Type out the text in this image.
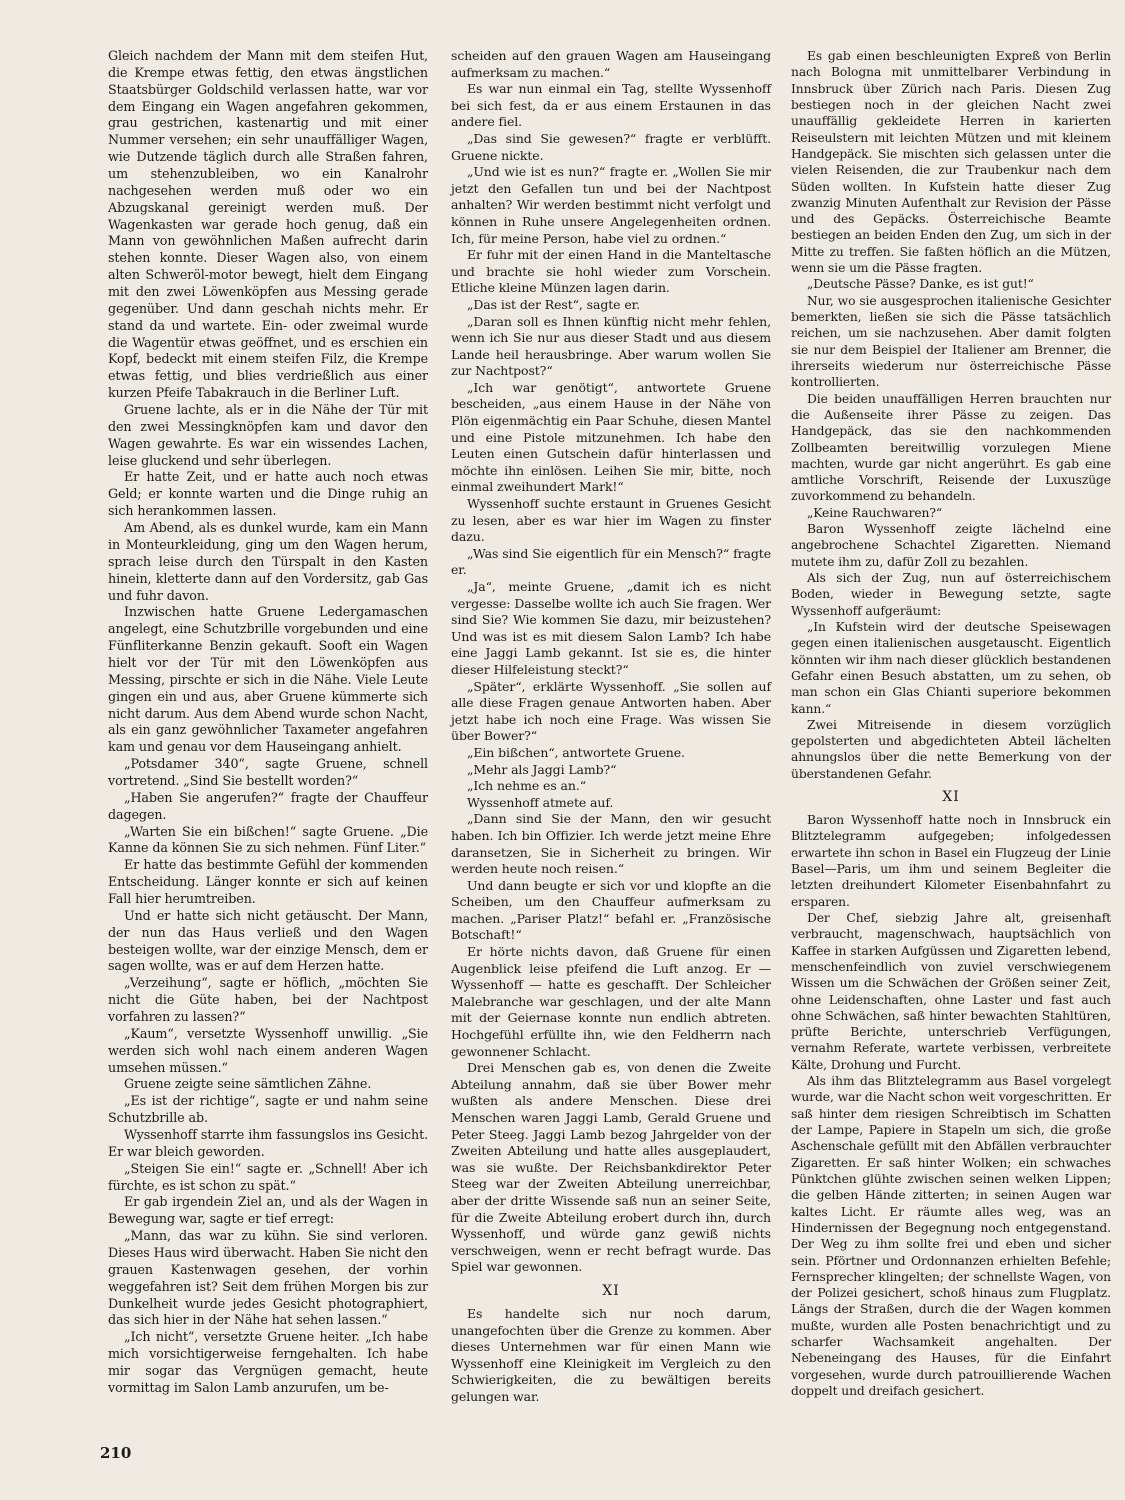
Gleich nachdem der Mann mit dem steifen Hut, die Krempe etwas fettig, den etwas ängstlichen Staatsbürger Goldschild verlassen hatte, war vor dem Eingang ein Wagen angefahren gekommen, grau gestrichen, kastenartig und mit einer Nummer versehen; ein sehr unauffälliger Wagen, wie Dutzende täglich durch alle Straßen fahren, um stehenzubleiben, wo ein Kanalrohr nachgesehen werden muß oder wo ein Abzugskanal gereinigt werden muß. Der Wagenkasten war gerade hoch genug, daß ein Mann von gewöhnlichen Maßen aufrecht darin stehen konnte. Dieser Wagen also, von einem alten Schweröl-motor bewegt, hielt dem Eingang mit den zwei Löwenköpfen aus Messing gerade gegenüber. Und dann geschah nichts mehr. Er stand da und wartete. Ein- oder zweimal wurde die Wagentür etwas geöffnet, und es erschien ein Kopf, bedeckt mit einem steifen Filz, die Krempe etwas fettig, und blies verdrießlich aus einer kurzen Pfeife Tabakrauch in die Berliner Luft.

Gruene lachte, als er in die Nähe der Tür mit den zwei Messingknöpfen kam und davor den Wagen gewahrte. Es war ein wissendes Lachen, leise gluckend und sehr überlegen.

Er hatte Zeit, und er hatte auch noch etwas Geld; er konnte warten und die Dinge ruhig an sich herankommen lassen.

Am Abend, als es dunkel wurde, kam ein Mann in Monteurkleidung, ging um den Wagen herum, sprach leise durch den Türspalt in den Kasten hinein, kletterte dann auf den Vordersitz, gab Gas und fuhr davon.

Inzwischen hatte Gruene Ledergamaschen angelegt, eine Schutzbrille vorgebunden und eine Fünfliterkanne Benzin gekauft. Sooft ein Wagen hielt vor der Tür mit den Löwenköpfen aus Messing, pirschte er sich in die Nähe. Viele Leute gingen ein und aus, aber Gruene kümmerte sich nicht darum. Aus dem Abend wurde schon Nacht, als ein ganz gewöhnlicher Taxameter angefahren kam und genau vor dem Hauseingang anhielt.

„Potsdamer 340“, sagte Gruene, schnell vortretend. „Sind Sie bestellt worden?“

„Haben Sie angerufen?“ fragte der Chauffeur dagegen.

„Warten Sie ein bißchen!“ sagte Gruene. „Die Kanne da können Sie zu sich nehmen. Fünf Liter.“

Er hatte das bestimmte Gefühl der kommenden Entscheidung. Länger konnte er sich auf keinen Fall hier herumtreiben.

Und er hatte sich nicht getäuscht. Der Mann, der nun das Haus verließ und den Wagen besteigen wollte, war der einzige Mensch, dem er sagen wollte, was er auf dem Herzen hatte.

„Verzeihung“, sagte er höflich, „möchten Sie nicht die Güte haben, bei der Nachtpost vorfahren zu lassen?“

„Kaum“, versetzte Wyssenhoff unwillig. „Sie werden sich wohl nach einem anderen Wagen umsehen müssen.“

Gruene zeigte seine sämtlichen Zähne.

„Es ist der richtige“, sagte er und nahm seine Schutzbrille ab.

Wyssenhoff starrte ihm fassungslos ins Gesicht. Er war bleich geworden.

„Steigen Sie ein!“ sagte er. „Schnell! Aber ich fürchte, es ist schon zu spät.“

Er gab irgendein Ziel an, und als der Wagen in Bewegung war, sagte er tief erregt:

„Mann, das war zu kühn. Sie sind verloren. Dieses Haus wird überwacht. Haben Sie nicht den grauen Kastenwagen gesehen, der vorhin weggefahren ist? Seit dem frühen Morgen bis zur Dunkelheit wurde jedes Gesicht photographiert, das sich hier in der Nähe hat sehen lassen.“

„Ich nicht“, versetzte Gruene heiter. „Ich habe mich vorsichtigerweise ferngehalten. Ich habe mir sogar das Vergnügen gemacht, heute vormittag im Salon Lamb anzurufen, um be-

scheiden auf den grauen Wagen am Hauseingang aufmerksam zu machen.“

Es war nun einmal ein Tag, stellte Wyssenhoff bei sich fest, da er aus einem Erstaunen in das andere fiel.

„Das sind Sie gewesen?“ fragte er verblüfft. Gruene nickte.

„Und wie ist es nun?“ fragte er. „Wollen Sie mir jetzt den Gefallen tun und bei der Nachtpost anhalten? Wir werden bestimmt nicht verfolgt und können in Ruhe unsere Angelegenheiten ordnen. Ich, für meine Person, habe viel zu ordnen.“

Er fuhr mit der einen Hand in die Manteltasche und brachte sie hohl wieder zum Vorschein. Etliche kleine Münzen lagen darin.

„Das ist der Rest“, sagte er.

„Daran soll es Ihnen künftig nicht mehr fehlen, wenn ich Sie nur aus dieser Stadt und aus diesem Lande heil herausbringe. Aber warum wollen Sie zur Nachtpost?“

„Ich war genötigt“, antwortete Gruene bescheiden, „aus einem Hause in der Nähe von Plön eigenmächtig ein Paar Schuhe, diesen Mantel und eine Pistole mitzunehmen. Ich habe den Leuten einen Gutschein dafür hinterlassen und möchte ihn einlösen. Leihen Sie mir, bitte, noch einmal zweihundert Mark!“

Wyssenhoff suchte erstaunt in Gruenes Gesicht zu lesen, aber es war hier im Wagen zu finster dazu.

„Was sind Sie eigentlich für ein Mensch?“ fragte er.

„Ja“, meinte Gruene, „damit ich es nicht vergesse: Dasselbe wollte ich auch Sie fragen. Wer sind Sie? Wie kommen Sie dazu, mir beizustehen? Und was ist es mit diesem Salon Lamb? Ich habe eine Jaggi Lamb gekannt. Ist sie es, die hinter dieser Hilfeleistung steckt?“

„Später“, erklärte Wyssenhoff. „Sie sollen auf alle diese Fragen genaue Antworten haben. Aber jetzt habe ich noch eine Frage. Was wissen Sie über Bower?“

„Ein bißchen“, antwortete Gruene.

„Mehr als Jaggi Lamb?“

„Ich nehme es an.“

Wyssenhoff atmete auf.

„Dann sind Sie der Mann, den wir gesucht haben. Ich bin Offizier. Ich werde jetzt meine Ehre daransetzen, Sie in Sicherheit zu bringen. Wir werden heute noch reisen.“

Und dann beugte er sich vor und klopfte an die Scheiben, um den Chauffeur aufmerksam zu machen. „Pariser Platz!“ befahl er. „Französische Botschaft!“

Er hörte nichts davon, daß Gruene für einen Augenblick leise pfeifend die Luft anzog. Er — Wyssenhoff — hatte es geschafft. Der Schleicher Malebranche war geschlagen, und der alte Mann mit der Geiernase konnte nun endlich abtreten. Hochgefühl erfüllte ihn, wie den Feldherrn nach gewonnener Schlacht.

Drei Menschen gab es, von denen die Zweite Abteilung annahm, daß sie über Bower mehr wußten als andere Menschen. Diese drei Menschen waren Jaggi Lamb, Gerald Gruene und Peter Steeg. Jaggi Lamb bezog Jahrgelder von der Zweiten Abteilung und hatte alles ausgeplaudert, was sie wußte. Der Reichsbankdirektor Peter Steeg war der Zweiten Abteilung unerreichbar, aber der dritte Wissende saß nun an seiner Seite, für die Zweite Abteilung erobert durch ihn, durch Wyssenhoff, und würde ganz gewiß nichts verschweigen, wenn er recht befragt wurde. Das Spiel war gewonnen.

XI

Es handelte sich nur noch darum, unangefochten über die Grenze zu kommen. Aber dieses Unternehmen war für einen Mann wie Wyssenhoff eine Kleinigkeit im Vergleich zu den Schwierigkeiten, die zu bewältigen bereits gelungen war.

Es gab einen beschleunigten Expreß von Berlin nach Bologna mit unmittelbarer Verbindung in Innsbruck über Zürich nach Paris. Diesen Zug bestiegen noch in der gleichen Nacht zwei unauffällig gekleidete Herren in karierten Reiseulstern mit leichten Mützen und mit kleinem Handgepäck. Sie mischten sich gelassen unter die vielen Reisenden, die zur Traubenkur nach dem Süden wollten. In Kufstein hatte dieser Zug zwanzig Minuten Aufenthalt zur Revision der Pässe und des Gepäcks. Österreichische Beamte bestiegen an beiden Enden den Zug, um sich in der Mitte zu treffen. Sie faßten höflich an die Mützen, wenn sie um die Pässe fragten.

„Deutsche Pässe? Danke, es ist gut!“

Nur, wo sie ausgesprochen italienische Gesichter bemerkten, ließen sie sich die Pässe tatsächlich reichen, um sie nachzusehen. Aber damit folgten sie nur dem Beispiel der Italiener am Brenner, die ihrerseits wiederum nur österreichische Pässe kontrollierten.

Die beiden unauffälligen Herren brauchten nur die Außenseite ihrer Pässe zu zeigen. Das Handgepäck, das sie den nachkommenden Zollbeamten bereitwillig vorzulegen Miene machten, wurde gar nicht angerührt. Es gab eine amtliche Vorschrift, Reisende der Luxuszüge zuvorkommend zu behandeln.

„Keine Rauchwaren?“

Baron Wyssenhoff zeigte lächelnd eine angebrochene Schachtel Zigaretten. Niemand mutete ihm zu, dafür Zoll zu bezahlen.

Als sich der Zug, nun auf österreichischem Boden, wieder in Bewegung setzte, sagte Wyssenhoff aufgeräumt:

„In Kufstein wird der deutsche Speisewagen gegen einen italienischen ausgetauscht. Eigentlich könnten wir ihm nach dieser glücklich bestandenen Gefahr einen Besuch abstatten, um zu sehen, ob man schon ein Glas Chianti superiore bekommen kann.“

Zwei Mitreisende in diesem vorzüglich gepolsterten und abgedichteten Abteil lächelten ahnungslos über die nette Bemerkung von der überstandenen Gefahr.

XI

Baron Wyssenhoff hatte noch in Innsbruck ein Blitztelegramm aufgegeben; infolgedessen erwartete ihn schon in Basel ein Flugzeug der Linie Basel—Paris, um ihm und seinem Begleiter die letzten dreihundert Kilometer Eisenbahnfahrt zu ersparen.

Der Chef, siebzig Jahre alt, greisenhaft verbraucht, magenschwach, hauptsächlich von Kaffee in starken Aufgüssen und Zigaretten lebend, menschenfeindlich von zuviel verschwiegenem Wissen um die Schwächen der Größen seiner Zeit, ohne Leidenschaften, ohne Laster und fast auch ohne Schwächen, saß hinter bewachten Stahltüren, prüfte Berichte, unterschrieb Verfügungen, vernahm Referate, wartete verbissen, verbreitete Kälte, Drohung und Furcht.

Als ihm das Blitztelegramm aus Basel vorgelegt wurde, war die Nacht schon weit vorgeschritten. Er saß hinter dem riesigen Schreibtisch im Schatten der Lampe, Papiere in Stapeln um sich, die große Aschenschale gefüllt mit den Abfällen verbrauchter Zigaretten. Er saß hinter Wolken; ein schwaches Pünktchen glühte zwischen seinen welken Lippen; die gelben Hände zitterten; in seinen Augen war kaltes Licht. Er räumte alles weg, was an Hindernissen der Begegnung noch entgegenstand. Der Weg zu ihm sollte frei und eben und sicher sein. Pförtner und Ordonnanzen erhielten Befehle; Fernsprecher klingelten; der schnellste Wagen, von der Polizei gesichert, schoß hinaus zum Flugplatz. Längs der Straßen, durch die der Wagen kommen mußte, wurden alle Posten benachrichtigt und zu scharfer Wachsamkeit angehalten. Der Nebeneingang des Hauses, für die Einfahrt vorgesehen, wurde durch patrouillierende Wachen doppelt und dreifach gesichert.

210
